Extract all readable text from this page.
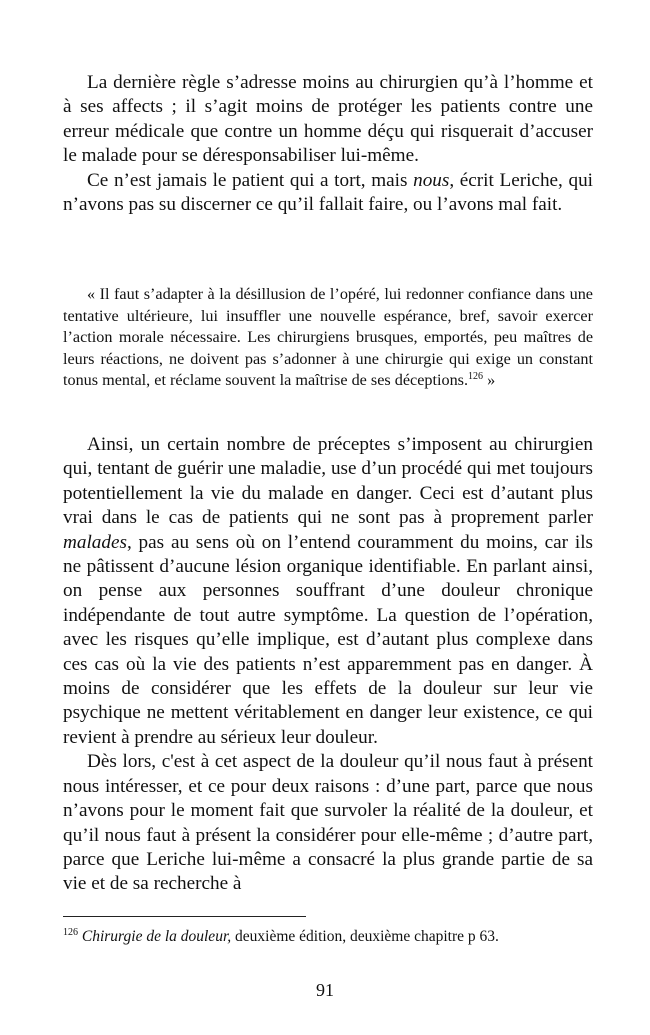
La dernière règle s’adresse moins au chirurgien qu’à l’homme et à ses affects ; il s’agit moins de protéger les patients contre une erreur médicale que contre un homme déçu qui risquerait d’accuser le malade pour se déresponsabiliser lui-même.

Ce n’est jamais le patient qui a tort, mais nous, écrit Leriche, qui n’avons pas su discerner ce qu’il fallait faire, ou l’avons mal fait.

« Il faut s’adapter à la désillusion de l’opéré, lui redonner confiance dans une tentative ultérieure, lui insuffler une nouvelle espérance, bref, savoir exercer l’action morale nécessaire. Les chirurgiens brusques, emportés, peu maîtres de leurs réactions, ne doivent pas s’adonner à une chirurgie qui exige un constant tonus mental, et réclame souvent la maîtrise de ses déceptions.$^{126}$ »

Ainsi, un certain nombre de préceptes s’imposent au chirurgien qui, tentant de guérir une maladie, use d’un procédé qui met toujours potentiellement la vie du malade en danger. Ceci est d’autant plus vrai dans le cas de patients qui ne sont pas à proprement parler malades, pas au sens où on l’entend couramment du moins, car ils ne pâtissent d’aucune lésion organique identifiable. En parlant ainsi, on pense aux personnes souffrant d’une douleur chronique indépendante de tout autre symptôme. La question de l’opération, avec les risques qu’elle implique, est d’autant plus complexe dans ces cas où la vie des patients n’est apparemment pas en danger. À moins de considérer que les effets de la douleur sur leur vie psychique ne mettent véritablement en danger leur existence, ce qui revient à prendre au sérieux leur douleur.

Dès lors, c'est à cet aspect de la douleur qu’il nous faut à présent nous intéresser, et ce pour deux raisons : d’une part, parce que nous n’avons pour le moment fait que survoler la réalité de la douleur, et qu’il nous faut à présent la considérer pour elle-même ; d’autre part, parce que Leriche lui-même a consacré la plus grande partie de sa vie et de sa recherche à

$^{126}$ Chirurgie de la douleur, deuxième édition, deuxième chapitre p 63.
91
